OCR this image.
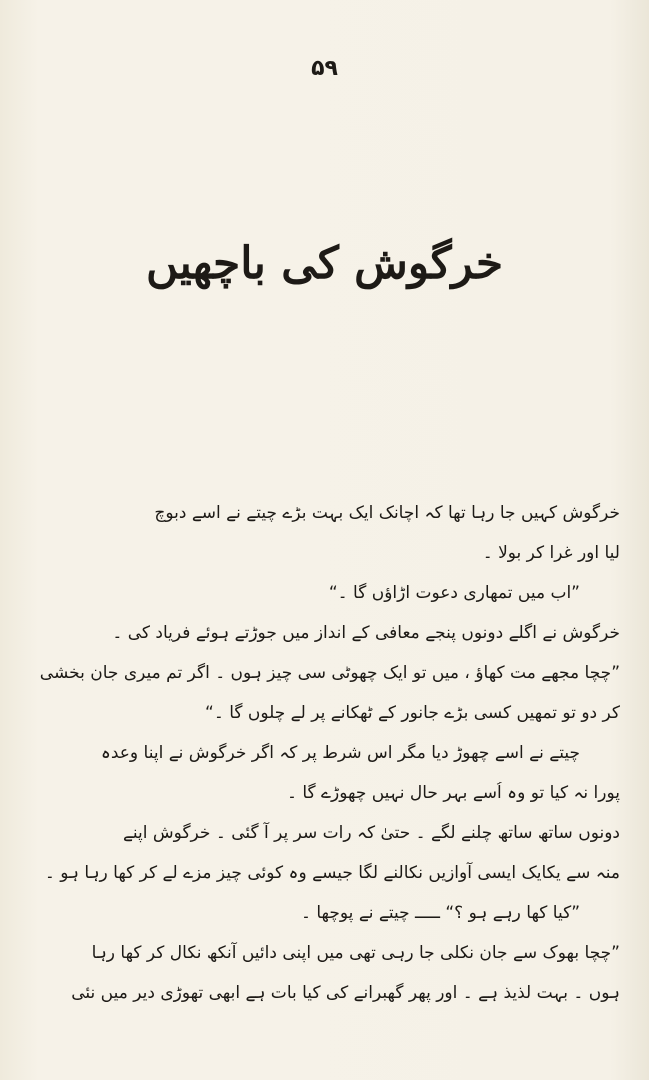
۵۹
خرگوش کی باچھیں
خرگوش کہیں جا رہا تھا کہ اچانک ایک بہت بڑے چیتے نے اسے دبوچ
لیا اور غرا کر بولا ۔
”اب میں تمھاری دعوت اڑاؤں گا ۔“
خرگوش نے اگلے دونوں پنجے معافی کے انداز میں جوڑتے ہوئے فریاد کی ۔
”چچا مجھے مت کھاؤ ، میں تو ایک چھوٹی سی چیز ہوں ۔ اگر تم میری جان بخشی
کر دو تو تمھیں کسی بڑے جانور کے ٹھکانے پر لے چلوں گا ۔“
چیتے نے اسے چھوڑ دیا مگر اس شرط پر کہ اگر خرگوش نے اپنا وعدہ
پورا نہ کیا تو وہ اُسے بہر حال نہیں چھوڑے گا ۔
دونوں ساتھ ساتھ چلنے لگے ۔ حتیٰ کہ رات سر پر آ گئی ۔ خرگوش اپنے
منہ سے یکایک ایسی آوازیں نکالنے لگا جیسے وہ کوئی چیز مزے لے کر کھا رہا ہو ۔
”کیا کھا رہے ہو ؟“ ـــــ چیتے نے پوچھا ۔
”چچا بھوک سے جان نکلی جا رہی تھی میں اپنی دائیں آنکھ نکال کر کھا رہا
ہوں ۔ بہت لذیذ ہے ۔ اور پھر گھبرانے کی کیا بات ہے ابھی تھوڑی دیر میں نئی
